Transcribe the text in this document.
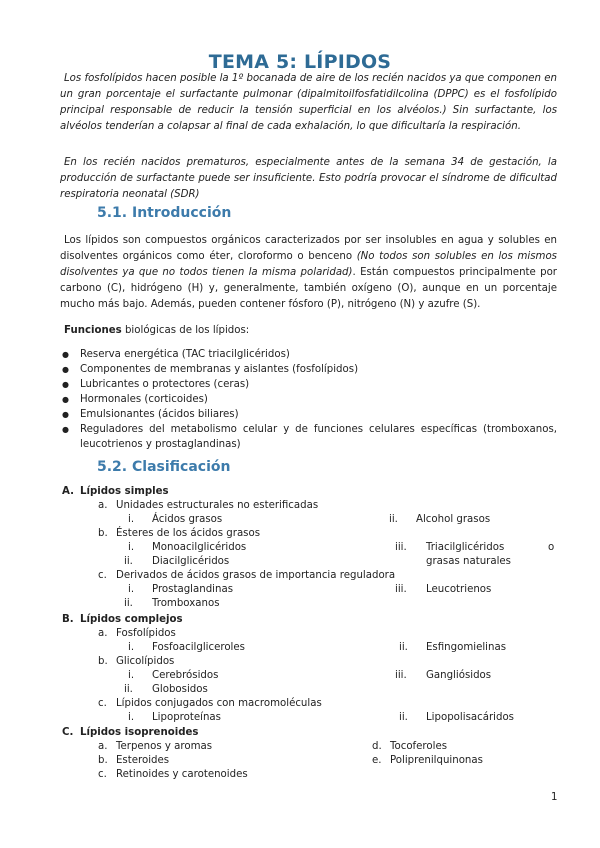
TEMA 5: LÍPIDOS

Los fosfolípidos hacen posible la 1º bocanada de aire de los recién nacidos ya que componen en un gran porcentaje el surfactante pulmonar (dipalmitoilfosfatidilcolina (DPPC) es el fosfolípido principal responsable de reducir la tensión superficial en los alvéolos.) Sin surfactante, los alvéolos tenderían a colapsar al final de cada exhalación, lo que dificultaría la respiración.

En los recién nacidos prematuros, especialmente antes de la semana 34 de gestación, la producción de surfactante puede ser insuficiente. Esto podría provocar el síndrome de dificultad respiratoria neonatal (SDR)

5.1. Introducción

Los lípidos son compuestos orgánicos caracterizados por ser insolubles en agua y solubles en disolventes orgánicos como éter, cloroformo o benceno (No todos son solubles en los mismos disolventes ya que no todos tienen la misma polaridad). Están compuestos principalmente por carbono (C), hidrógeno (H) y, generalmente, también oxígeno (O), aunque en un porcentaje mucho más bajo. Además, pueden contener fósforo (P), nitrógeno (N) y azufre (S).

Funciones biológicas de los lípidos:

● Reserva energética (TAC triacilglicéridos)
● Componentes de membranas y aislantes (fosfolípidos)
● Lubricantes o protectores (ceras)
● Hormonales (corticoides)
● Emulsionantes (ácidos biliares)
● Reguladores del metabolismo celular y de funciones celulares específicas (tromboxanos, leucotrienos y prostaglandinas)
5.2. Clasificación
A. Lípidos simples
a. Unidades estructurales no esterificadas
i. Ácidos grasos	ii. Alcohol grasos
b. Ésteres de los ácidos grasos
i. Monoacilglicéridos	iii. Triacilglicéridos	o
ii. Diacilglicéridos	grasas naturales
c. Derivados de ácidos grasos de importancia reguladora
i. Prostaglandinas	iii. Leucotrienos
ii. Tromboxanos
B. Lípidos complejos
a. Fosfolípidos
i. Fosfoacilgliceroles	ii. Esfingomielinas
b. Glicolípidos
i. Cerebrósidos	iii. Gangliósidos
ii. Globosidos
c. Lípidos conjugados con macromoléculas
i. Lipoproteínas	ii. Lipopolisacáridos
C. Lípidos isoprenoides
a. Terpenos y aromas	d. Tocoferoles
b. Esteroides	e. Poliprenilquinonas
c. Retinoides y carotenoides
1
